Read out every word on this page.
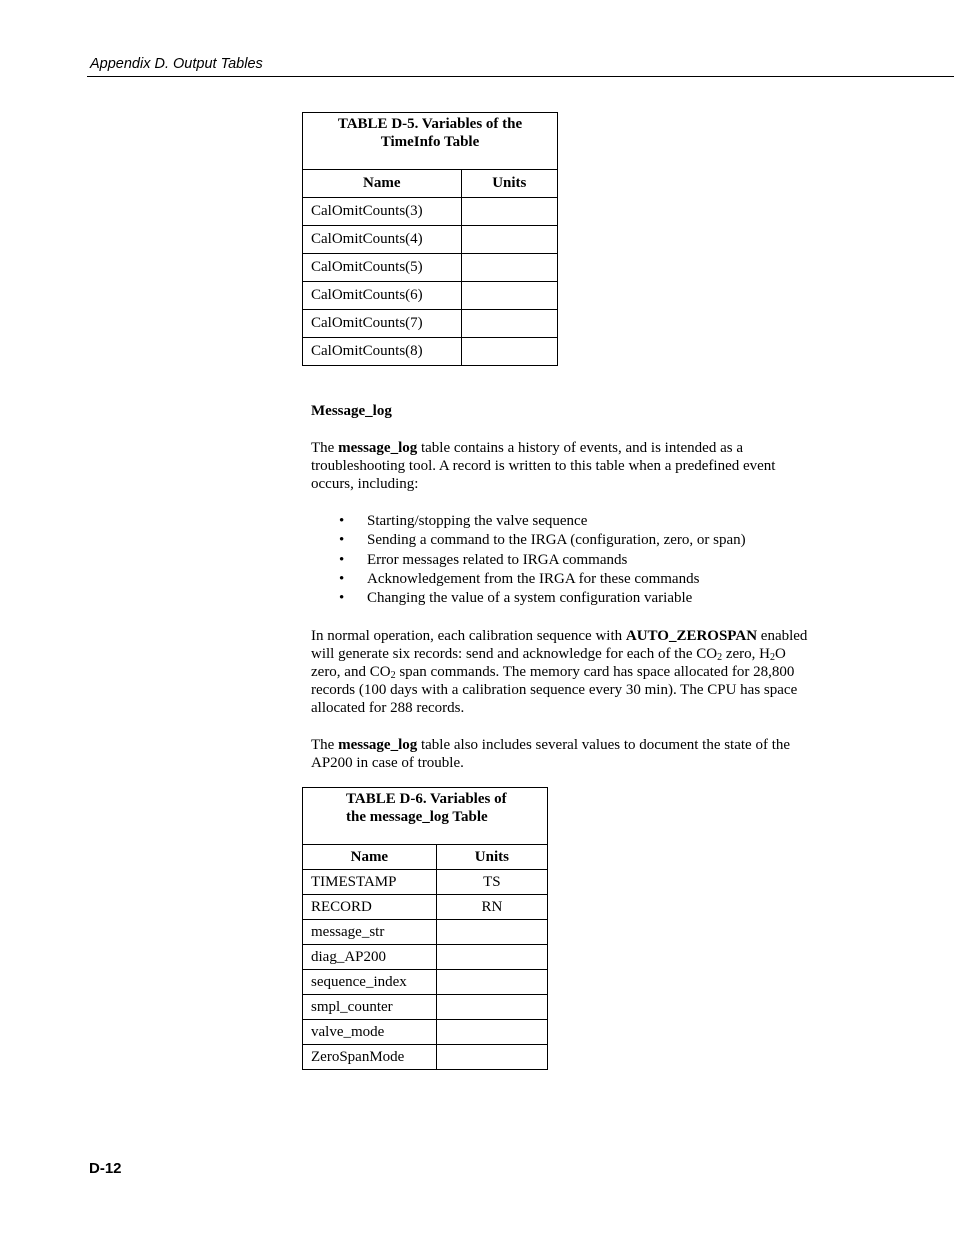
Appendix D. Output Tables
TABLE D-5. Variables of the
TimeInfo Table	
Name	Units
CalOmitCounts(3)	
CalOmitCounts(4)	
CalOmitCounts(5)	
CalOmitCounts(6)	
CalOmitCounts(7)	
CalOmitCounts(8)	

Message_log

The message_log table contains a history of events, and is intended as a troubleshooting tool. A record is written to this table when a predefined event occurs, including:

• Starting/stopping the valve sequence
• Sending a command to the IRGA (configuration, zero, or span)
• Error messages related to IRGA commands
• Acknowledgement from the IRGA for these commands
• Changing the value of a system configuration variable

In normal operation, each calibration sequence with AUTO_ZEROSPAN enabled will generate six records: send and acknowledge for each of the $CO_2$ zero, $H_2O$ zero, and $CO_2$ span commands. The memory card has space allocated for 28,800 records (100 days with a calibration sequence every 30 min). The CPU has space allocated for 288 records.

The message_log table also includes several values to document the state of the AP200 in case of trouble.

TABLE D-6. Variables of
the message_log Table	
Name	Units
TIMESTAMP	TS
RECORD	RN
message_str	
diag_AP200	
sequence_index	
smpl_counter	
valve_mode	
ZeroSpanMode	
D-12
